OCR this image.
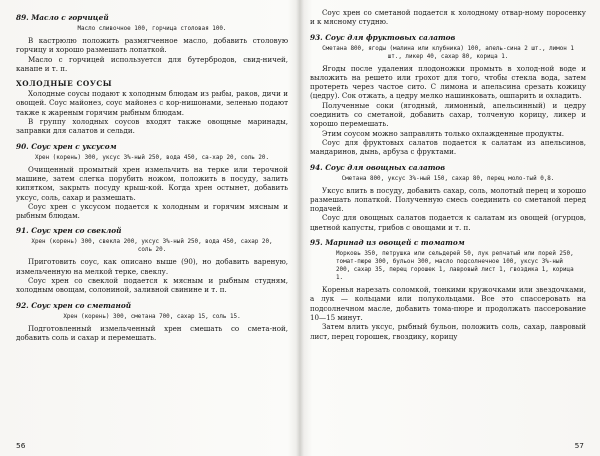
89. Масло с горчицей
Масло сливочное 100, горчица столовая 100.

В кастрюлю положить размягченное масло, добавить столовую горчицу и хорошо размешать лопаткой.

Масло с горчицей используется для бутербродов, свид-ничей, канапе и т. п.

ХОЛОДНЫЕ СОУСЫ

Холодные соусы подают к холодным блюдам из рыбы, раков, дичи и овощей. Соус майонез, соус майонез с кор-нишонами, зеленью подают также к жареным горячим рыбным блюдам.

В группу холодных соусов входят также овощные маринады, заправки для салатов и сельди.

90. Соус хрен с уксусом
Хрен (корень) 300, уксус 3%-ный 250, вода 450, са-хар 20, соль 20.

Очищенный промытый хрен измельчить на терке или терочной машине, затем слегка порубить ножом, положить в посуду, залить кипятком, закрыть посуду крыш-кой. Когда хрен остынет, добавить уксус, соль, сахар и размешать.

Соус хрен с уксусом подается к холодным и горячим мясным и рыбным блюдам.

91. Соус хрен со свеклой
Хрен (корень) 300, свекла 200, уксус 3%-ный 250, вода 450, сахар 20, соль 20.

Приготовить соус, как описано выше (90), но добавить вареную, измельченную на мелкой терке, свеклу.

Соус хрен со свеклой подается к мясным и рыбным студням, холодным овощам, солониной, заливной свинине и т. п.

92. Соус хрен со сметаной
Хрен (корень) 300, сметана 700, сахар 15, соль 15.

Подготовленный измельченный хрен смешать со смета-ной, добавить соль и сахар и перемешать.

56

Соус хрен со сметаной подается к холодному отвар-ному поросенку и к мясному студню.

93. Соус для фруктовых салатов
Сметана 800, ягоды (малина или клубника) 100, апель-сина 2 шт., лимон 1 шт., ликер 40, сахар 80, корица 1.

Ягоды после удаления плодоножки промыть в холод-ной воде и выложить на решето или грохот для того, чтобы стекла вода, затем протереть через частое сито. С лимона и апельсина срезать кожицу (цедру). Сок отжать, а цедру мелко нашинковать, ошпарить и охладить.

Полученные соки (ягодный, лимонный, апельсинный) и цедру соединить со сметаной, добавить сахар, толченую корицу, ликер и хорошо перемешать.

Этим соусом можно заправлять только охлажденные продукты.

Соус для фруктовых салатов подается к салатам из апельсинов, мандаринов, дынь, арбуза с фруктами.

94. Соус для овощных салатов
Сметана 800, уксус 3%-ный 150, сахар 80, перец моло-тый 0,8.

Уксус влить в посуду, добавить сахар, соль, молотый перец и хорошо размешать лопаткой. Полученную смесь соединить со сметаной перед подачей.

Соус для овощных салатов подается к салатам из овощей (огурцов, цветной капусты, грибов с овощами и т. п.

95. Маринад из овощей с томатом
Морковь 350, петрушка или сельдерей 50, лук репчатый или порей 250, томат-пюре 300, бульон 300, масло подсолнечное 100, уксус 3%-ный 200, сахар 35, перец горошек 1, лавровый лист 1, гвоздика 1, корица 1.

Коренья нарезать соломкой, тонкими кружочками или звездочками, а лук — кольцами или полукольцами. Все это спассеровать на подсолнечном масле, добавить тома-пюре и продолжать пассерование 10—15 минут.

Затем влить уксус, рыбный бульон, положить соль, сахар, лавровый лист, перец горошек, гвоздику, корицу

57
